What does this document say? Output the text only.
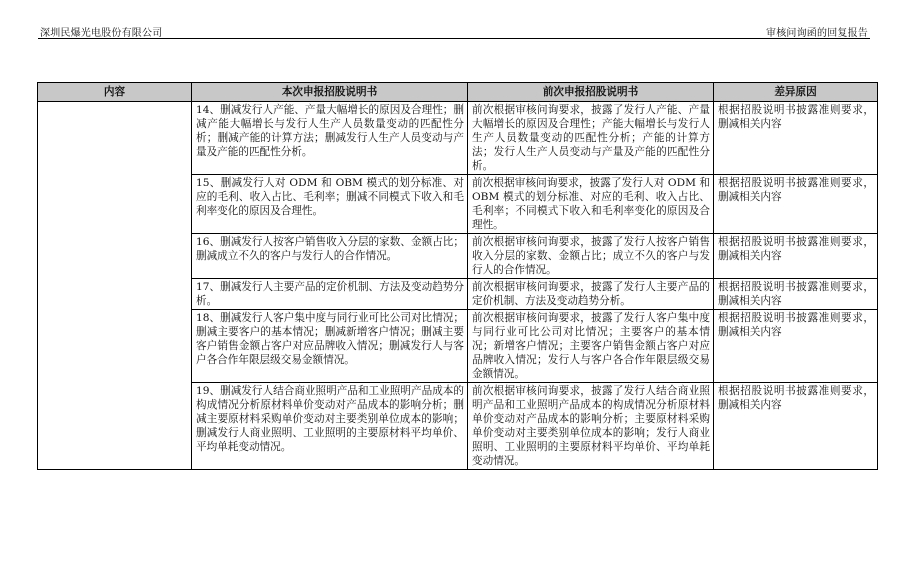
深圳民爆光电股份有限公司	审核问询函的回复报告
内容	本次申报招股说明书	前次申报招股说明书	差异原因
	14、删减发行人产能、产量大幅增长的原因及合理性；删减产能大幅增长与发行人生产人员数量变动的匹配性分析；删减产能的计算方法；删减发行人生产人员变动与产量及产能的匹配性分析。	前次根据审核问询要求，披露了发行人产能、产量大幅增长的原因及合理性；产能大幅增长与发行人生产人员数量变动的匹配性分析；产能的计算方法；发行人生产人员变动与产量及产能的匹配性分析。	根据招股说明书披露准则要求，删减相关内容
	15、删减发行人对 ODM 和 OBM 模式的划分标准、对应的毛利、收入占比、毛利率；删减不同模式下收入和毛利率变化的原因及合理性。	前次根据审核问询要求，披露了发行人对 ODM 和 OBM 模式的划分标准、对应的毛利、收入占比、毛利率；不同模式下收入和毛利率变化的原因及合理性。	根据招股说明书披露准则要求，删减相关内容
	16、删减发行人按客户销售收入分层的家数、金额占比；删减成立不久的客户与发行人的合作情况。	前次根据审核问询要求，披露了发行人按客户销售收入分层的家数、金额占比；成立不久的客户与发行人的合作情况。	根据招股说明书披露准则要求，删减相关内容
	17、删减发行人主要产品的定价机制、方法及变动趋势分析。	前次根据审核问询要求，披露了发行人主要产品的定价机制、方法及变动趋势分析。	根据招股说明书披露准则要求，删减相关内容
	18、删减发行人客户集中度与同行业可比公司对比情况；删减主要客户的基本情况；删减新增客户情况；删减主要客户销售金额占客户对应品牌收入情况；删减发行人与客户各合作年限层级交易金额情况。	前次根据审核问询要求，披露了发行人客户集中度与同行业可比公司对比情况；主要客户的基本情况；新增客户情况；主要客户销售金额占客户对应品牌收入情况；发行人与客户各合作年限层级交易金额情况。	根据招股说明书披露准则要求，删减相关内容
	19、删减发行人结合商业照明产品和工业照明产品成本的构成情况分析原材料单价变动对产品成本的影响分析；删减主要原材料采购单价变动对主要类别单位成本的影响；删减发行人商业照明、工业照明的主要原材料平均单价、平均单耗变动情况。	前次根据审核问询要求，披露了发行人结合商业照明产品和工业照明产品成本的构成情况分析原材料单价变动对产品成本的影响分析；主要原材料采购单价变动对主要类别单位成本的影响；发行人商业照明、工业照明的主要原材料平均单价、平均单耗变动情况。	根据招股说明书披露准则要求，删减相关内容
